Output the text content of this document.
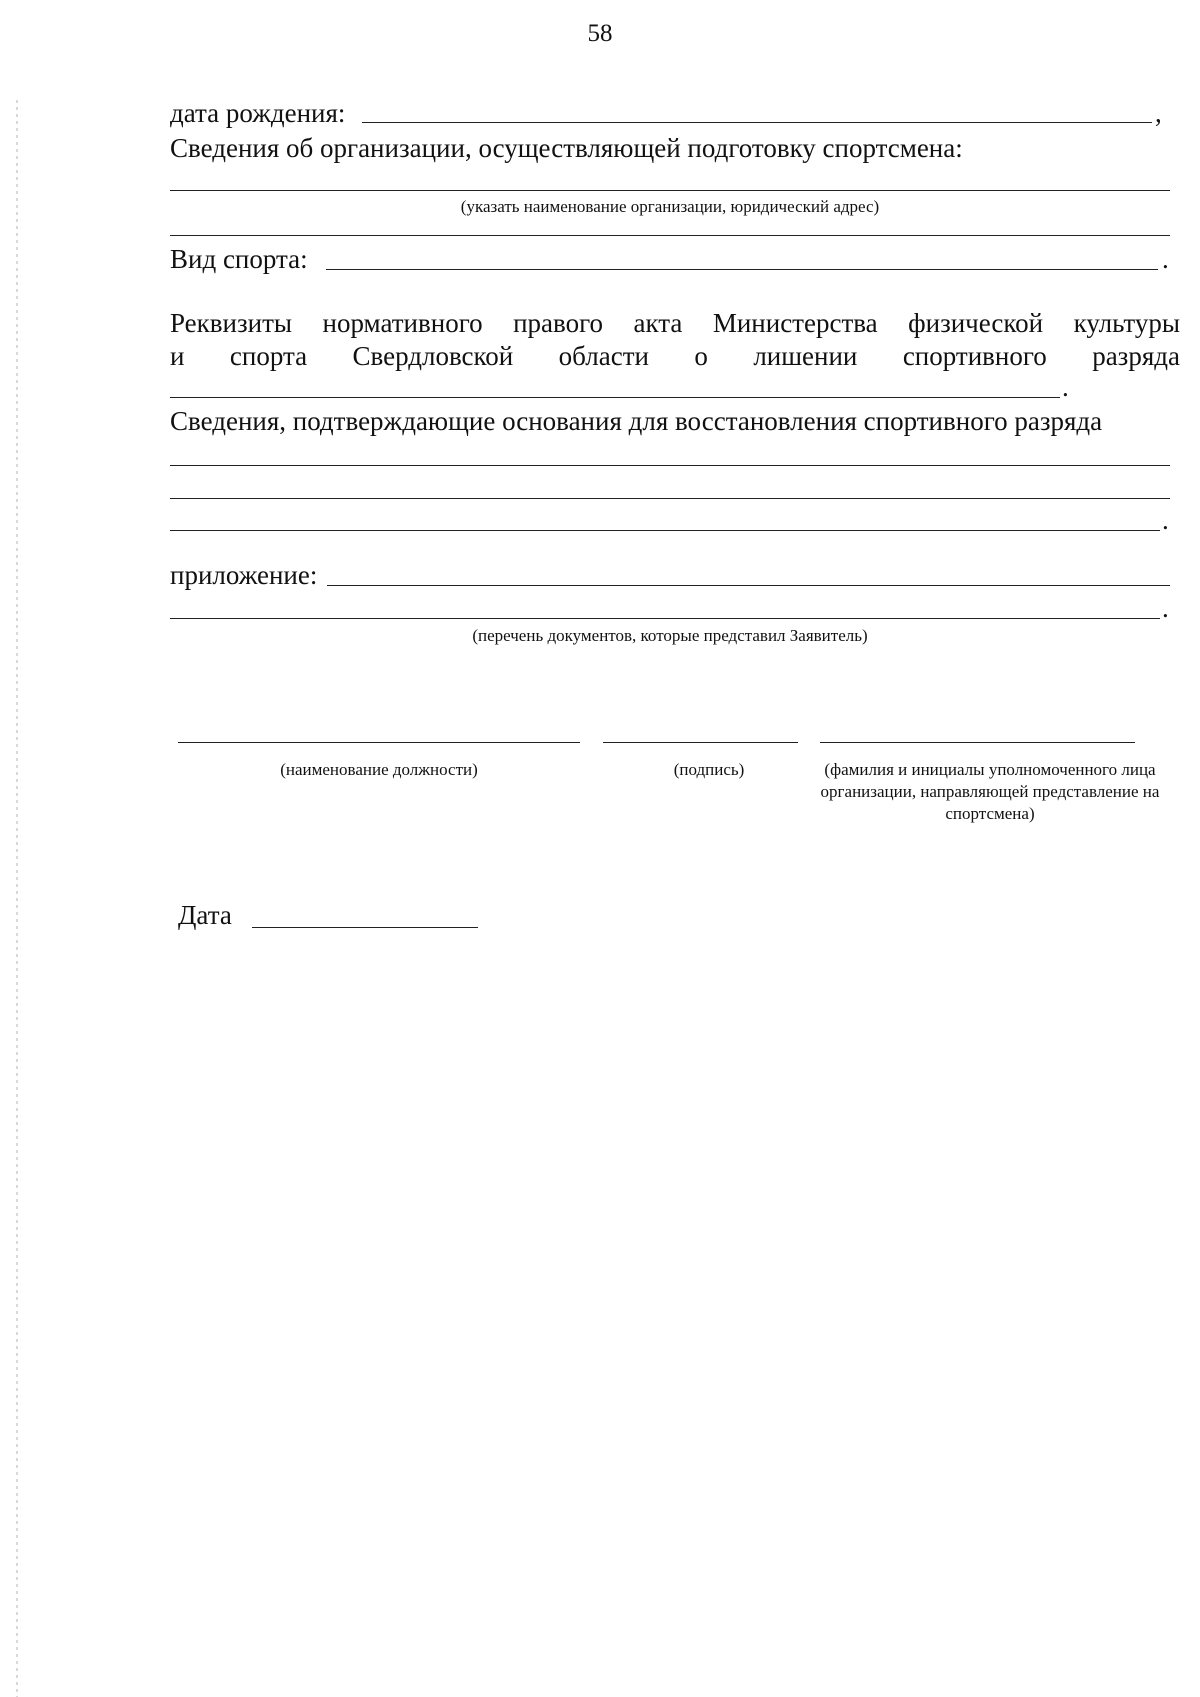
58
дата рождения:	,
Сведения об организации, осуществляющей подготовку спортсмена:
(указать наименование организации, юридический адрес)
Вид спорта:	.
Реквизиты нормативного правого акта Министерства физической культуры
и спорта Свердловской области о лишении спортивного разряда
.
Сведения, подтверждающие основания для восстановления спортивного разряда
.
приложение:
.
(перечень документов, которые представил Заявитель)
(наименование должности)	(подпись)	(фамилия и инициалы уполномоченного лица организации, направляющей представление на спортсмена)
Дата
